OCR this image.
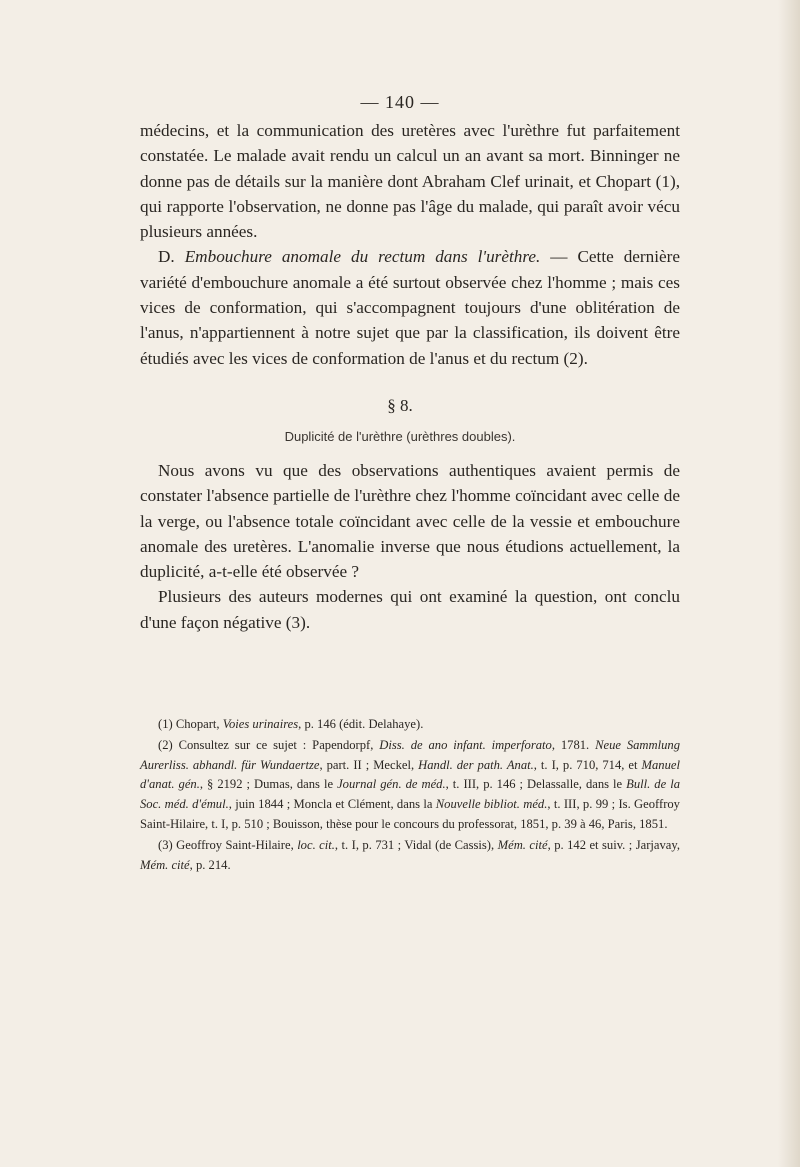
— 140 —

médecins, et la communication des uretères avec l'urèthre fut parfaitement constatée. Le malade avait rendu un calcul un an avant sa mort. Binninger ne donne pas de détails sur la manière dont Abraham Clef urinait, et Chopart (1), qui rapporte l'observation, ne donne pas l'âge du malade, qui paraît avoir vécu plusieurs années.

D. Embouchure anomale du rectum dans l'urèthre. — Cette dernière variété d'embouchure anomale a été surtout observée chez l'homme ; mais ces vices de conformation, qui s'accompagnent toujours d'une oblitération de l'anus, n'appartiennent à notre sujet que par la classification, ils doivent être étudiés avec les vices de conformation de l'anus et du rectum (2).

§ 8.
Duplicité de l'urèthre (urèthres doubles).

Nous avons vu que des observations authentiques avaient permis de constater l'absence partielle de l'urèthre chez l'homme coïncidant avec celle de la verge, ou l'absence totale coïncidant avec celle de la vessie et embouchure anomale des uretères. L'anomalie inverse que nous étudions actuellement, la duplicité, a-t-elle été observée ?

Plusieurs des auteurs modernes qui ont examiné la question, ont conclu d'une façon négative (3).

(1) Chopart, Voies urinaires, p. 146 (édit. Delahaye).

(2) Consultez sur ce sujet : Papendorpf, Diss. de ano infant. imperforato, 1781. Neue Sammlung Aurerliss. abhandl. für Wundaertze, part. II ; Meckel, Handl. der path. Anat., t. I, p. 710, 714, et Manuel d'anat. gén., § 2192 ; Dumas, dans le Journal gén. de méd., t. III, p. 146 ; Delassalle, dans le Bull. de la Soc. méd. d'émul., juin 1844 ; Moncla et Clément, dans la Nouvelle bibliot. méd., t. III, p. 99 ; Is. Geoffroy Saint-Hilaire, t. I, p. 510 ; Bouisson, thèse pour le concours du professorat, 1851, p. 39 à 46, Paris, 1851.

(3) Geoffroy Saint-Hilaire, loc. cit., t. I, p. 731 ; Vidal (de Cassis), Mém. cité, p. 142 et suiv. ; Jarjavay, Mém. cité, p. 214.
